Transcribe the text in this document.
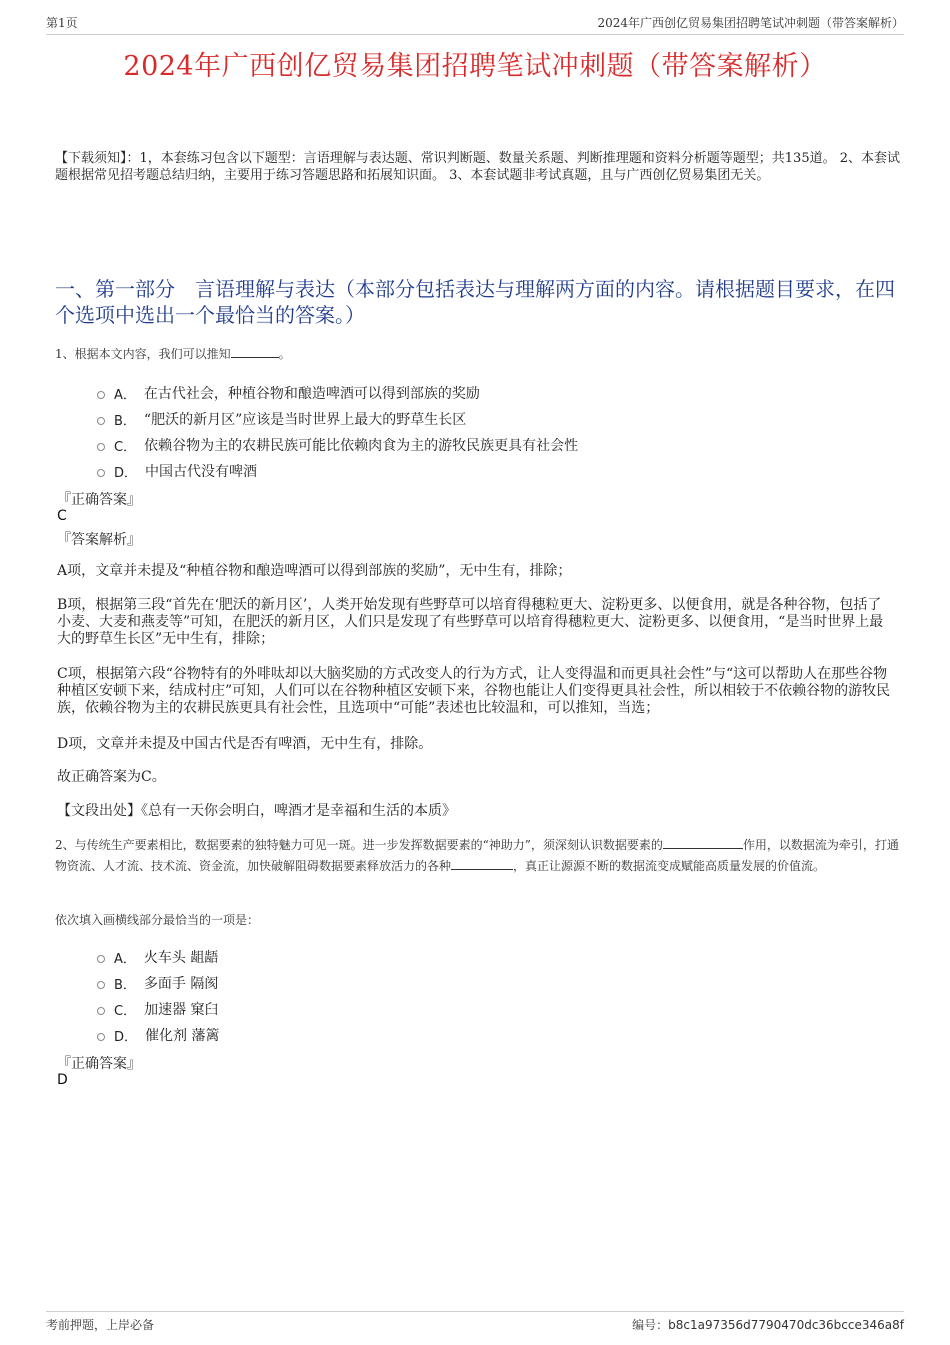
第1页	2024年广西创亿贸易集团招聘笔试冲刺题（带答案解析）
2024年广西创亿贸易集团招聘笔试冲刺题（带答案解析）
【下载须知】：1，本套练习包含以下题型：言语理解与表达题、常识判断题、数量关系题、判断推理题和资料分析题等题型；共135道。 2、本套试题根据常见招考题总结归纳，主要用于练习答题思路和拓展知识面。 3、本套试题非考试真题，且与广西创亿贸易集团无关。
一、第一部分　言语理解与表达（本部分包括表达与理解两方面的内容。请根据题目要求，在四个选项中选出一个最恰当的答案。）
1、根据本文内容，我们可以推知	。
A． 在古代社会，种植谷物和酿造啤酒可以得到部族的奖励
B． “肥沃的新月区”应该是当时世界上最大的野草生长区
C． 依赖谷物为主的农耕民族可能比依赖肉食为主的游牧民族更具有社会性
D． 中国古代没有啤酒
『正确答案』
C
『答案解析』
A项，文章并未提及“种植谷物和酿造啤酒可以得到部族的奖励”，无中生有，排除；
B项，根据第三段“首先在‘肥沃的新月区’，人类开始发现有些野草可以培育得穗粒更大、淀粉更多、以便食用，就是各种谷物，包括了小麦、大麦和燕麦等”可知，在肥沃的新月区，人们只是发现了有些野草可以培育得穗粒更大、淀粉更多、以便食用，“是当时世界上最大的野草生长区”无中生有，排除；
C项，根据第六段“谷物特有的外啡呔却以大脑奖励的方式改变人的行为方式，让人变得温和而更具社会性”与“这可以帮助人在那些谷物种植区安顿下来，结成村庄”可知，人们可以在谷物种植区安顿下来，谷物也能让人们变得更具社会性，所以相较于不依赖谷物的游牧民族，依赖谷物为主的农耕民族更具有社会性，且选项中“可能”表述也比较温和，可以推知，当选；
D项，文章并未提及中国古代是否有啤酒，无中生有，排除。
故正确答案为C。
【文段出处】《总有一天你会明白，啤酒才是幸福和生活的本质》
2、与传统生产要素相比，数据要素的独特魅力可见一斑。进一步发挥数据要素的“神助力”，须深刻认识数据要素的	作用，以数据流为牵引，打通物资流、人才流、技术流、资金流，加快破解阻碍数据要素释放活力的各种	，真正让源源不断的数据流变成赋能高质量发展的价值流。
依次填入画横线部分最恰当的一项是：
A． 火车头 龃龉
B． 多面手 隔阂
C． 加速器 窠臼
D． 催化剂 藩篱
『正确答案』
D
考前押题，上岸必备	编号：b8c1a97356d7790470dc36bcce346a8f
